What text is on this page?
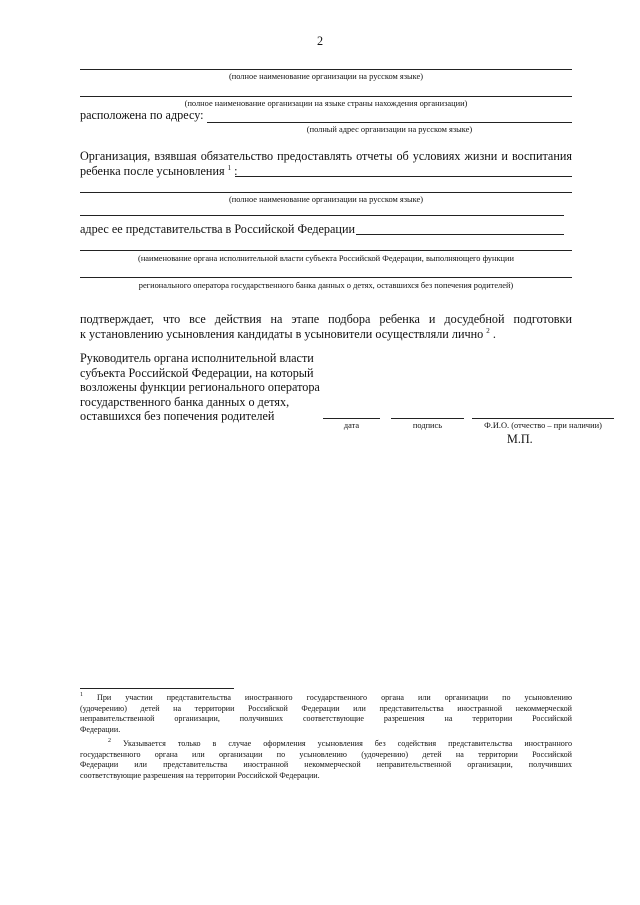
2
(полное наименование организации на русском языке)
(полное наименование организации на языке страны нахождения организации)
расположена по адресу:
(полный адрес организации на русском языке)
Организация, взявшая обязательство предоставлять отчеты об условиях жизни и воспитания
ребенка после усыновления $^1$ :
(полное наименование организации на русском языке)
адрес ее представительства в Российской Федерации
(наименование органа исполнительной власти субъекта Российской Федерации, выполняющего функции
регионального оператора государственного банка данных о детях, оставшихся без попечения родителей)
подтверждает, что все действия на этапе подбора ребенка и досудебной подготовки
к установлению усыновления кандидаты в усыновители осуществляли лично $^2$ .
Руководитель органа исполнительной власти
субъекта Российской Федерации, на который
возложены функции регионального оператора
государственного банка данных о детях,
оставшихся без попечения родителей
дата	подпись	Ф.И.О. (отчество – при наличии)
М.П.
$^1$ При участии представительства иностранного государственного органа или организации по усыновлению
(удочерению) детей на территории Российской Федерации или представительства иностранной некоммерческой
неправительственной организации, получивших соответствующие разрешения на территории Российской
Федерации.
$^2$ Указывается только в случае оформления усыновления без содействия представительства иностранного
государственного органа или организации по усыновлению (удочерению) детей на территории Российской
Федерации или представительства иностранной некоммерческой неправительственной организации, получивших
соответствующие разрешения на территории Российской Федерации.
